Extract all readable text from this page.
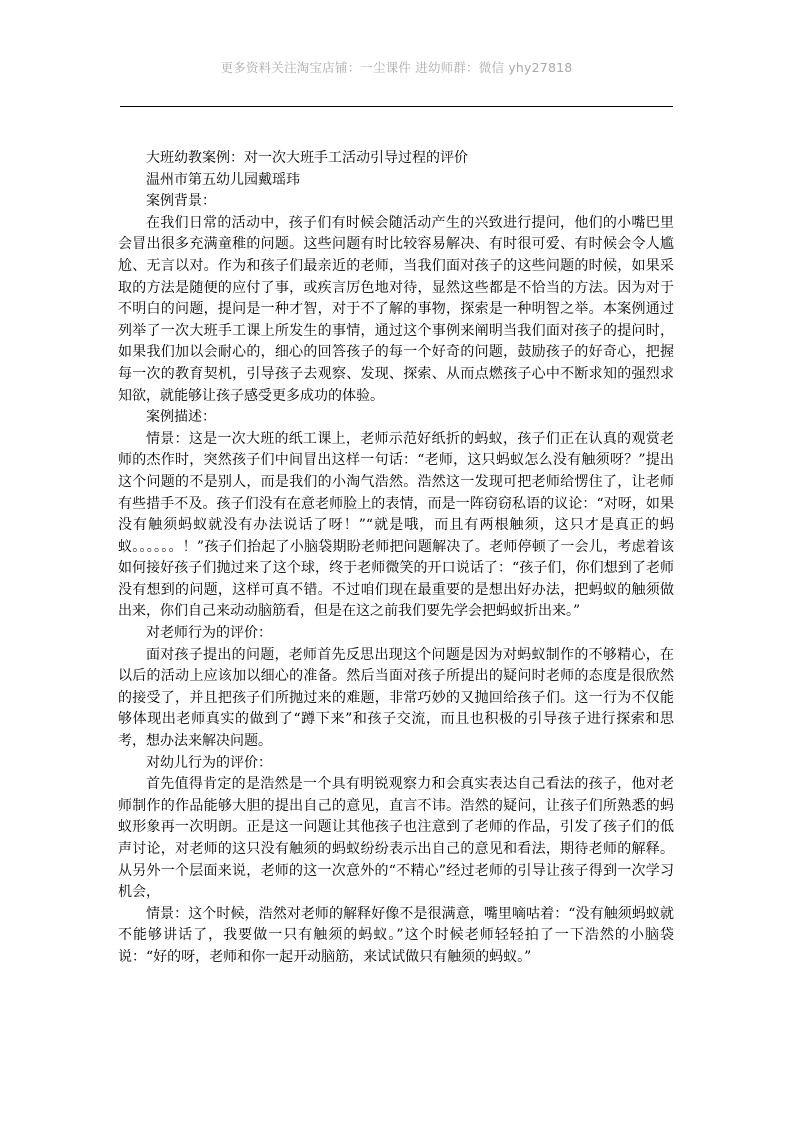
更多资料关注淘宝店铺：一尘课件 进幼师群：微信 yhy27818

大班幼教案例：对一次大班手工活动引导过程的评价

温州市第五幼儿园戴瑶玮

案例背景：

在我们日常的活动中，孩子们有时候会随活动产生的兴致进行提问，他们的小嘴巴里会冒出很多充满童稚的问题。这些问题有时比较容易解决、有时很可爱、有时候会令人尴尬、无言以对。作为和孩子们最亲近的老师，当我们面对孩子的这些问题的时候，如果采取的方法是随便的应付了事，或疾言厉色地对待，显然这些都是不恰当的方法。因为对于不明白的问题，提问是一种才智，对于不了解的事物，探索是一种明智之举。本案例通过列举了一次大班手工课上所发生的事情，通过这个事例来阐明当我们面对孩子的提问时，如果我们加以会耐心的，细心的回答孩子的每一个好奇的问题，鼓励孩子的好奇心，把握每一次的教育契机，引导孩子去观察、发现、探索、从而点燃孩子心中不断求知的强烈求知欲，就能够让孩子感受更多成功的体验。

案例描述：

情景：这是一次大班的纸工课上，老师示范好纸折的蚂蚁，孩子们正在认真的观赏老师的杰作时，突然孩子们中间冒出这样一句话：“老师，这只蚂蚁怎么没有触须呀？”提出这个问题的不是别人，而是我们的小淘气浩然。浩然这一发现可把老师给愣住了，让老师有些措手不及。孩子们没有在意老师脸上的表情，而是一阵窃窃私语的议论：“对呀，如果没有触须蚂蚁就没有办法说话了呀！”“就是哦，而且有两根触须，这只才是真正的蚂蚁。。。。。。！”孩子们抬起了小脑袋期盼老师把问题解决了。老师停顿了一会儿，考虑着该如何接好孩子们抛过来了这个球，终于老师微笑的开口说话了：“孩子们，你们想到了老师没有想到的问题，这样可真不错。不过咱们现在最重要的是想出好办法，把蚂蚁的触须做出来，你们自己来动动脑筋看，但是在这之前我们要先学会把蚂蚁折出来。”

对老师行为的评价：

面对孩子提出的问题，老师首先反思出现这个问题是因为对蚂蚁制作的不够精心，在以后的活动上应该加以细心的准备。然后当面对孩子所提出的疑问时老师的态度是很欣然的接受了，并且把孩子们所抛过来的难题，非常巧妙的又抛回给孩子们。这一行为不仅能够体现出老师真实的做到了“蹲下来”和孩子交流，而且也积极的引导孩子进行探索和思考，想办法来解决问题。

对幼儿行为的评价：

首先值得肯定的是浩然是一个具有明锐观察力和会真实表达自己看法的孩子，他对老师制作的作品能够大胆的提出自己的意见，直言不讳。浩然的疑问，让孩子们所熟悉的蚂蚁形象再一次明朗。正是这一问题让其他孩子也注意到了老师的作品，引发了孩子们的低声讨论，对老师的这只没有触须的蚂蚁纷纷表示出自己的意见和看法，期待老师的解释。从另外一个层面来说，老师的这一次意外的“不精心”经过老师的引导让孩子得到一次学习机会，

情景：这个时候，浩然对老师的解释好像不是很满意，嘴里嘀咕着：“没有触须蚂蚁就不能够讲话了，我要做一只有触须的蚂蚁。”这个时候老师轻轻拍了一下浩然的小脑袋说：“好的呀，老师和你一起开动脑筋，来试试做只有触须的蚂蚁。”
